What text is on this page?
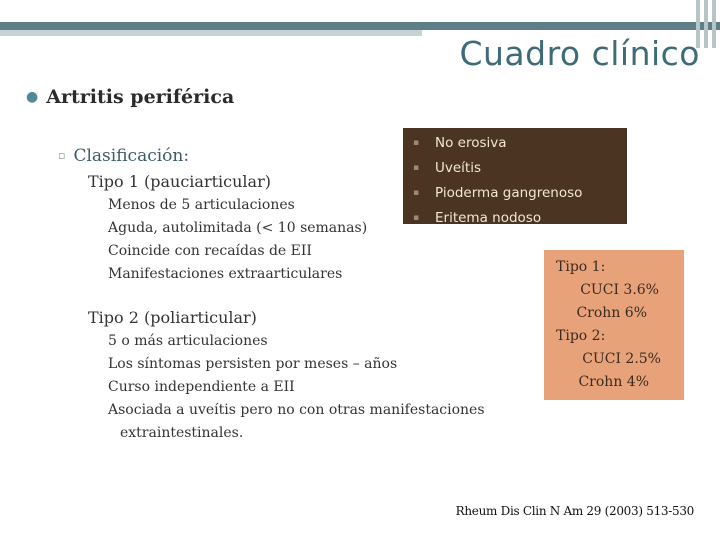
Cuadro clínico
● Artritis periférica
▫ Clasificación:
Tipo 1 (pauciarticular)
Menos de 5 articulaciones
Aguda, autolimitada (< 10 semanas)
Coincide con recaídas de EII
Manifestaciones extraarticulares
Tipo 2 (poliarticular)
5 o más articulaciones
Los síntomas persisten por meses – años
Curso independiente a EII
Asociada a uveítis pero no con otras manifestaciones
extraintestinales.
▪ No erosiva
▪ Uveítis
▪ Pioderma gangrenoso
▪ Eritema nodoso
Tipo 1:
CUCI 3.6%
Crohn 6%
Tipo 2:
CUCI 2.5%
Crohn 4%
Rheum Dis Clin N Am 29 (2003) 513-530
